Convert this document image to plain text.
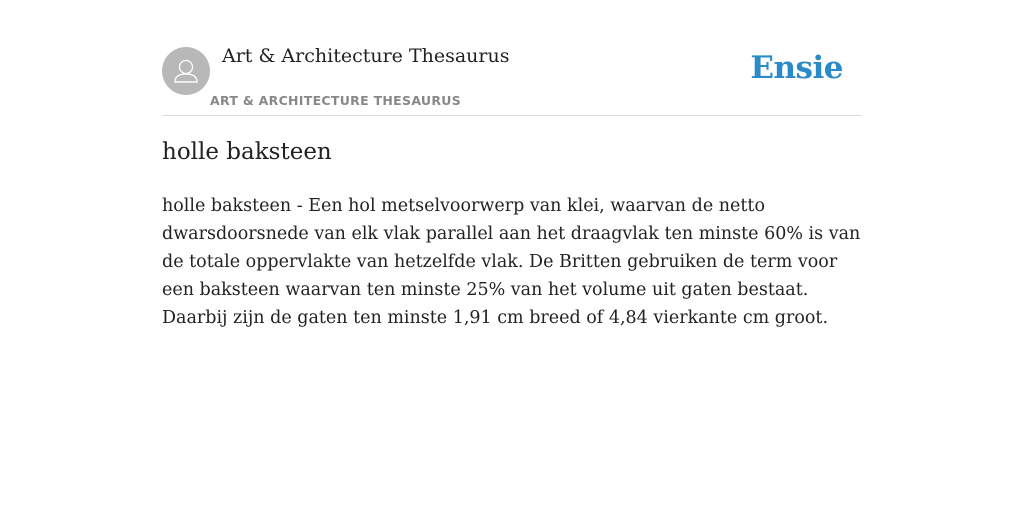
Art & Architecture Thesaurus
ART & ARCHITECTURE THESAURUS
Ensie
holle baksteen

holle baksteen - Een hol metselvoorwerp van klei, waarvan de netto dwarsdoorsnede van elk vlak parallel aan het draagvlak ten minste 60% is van de totale oppervlakte van hetzelfde vlak. De Britten gebruiken de term voor een baksteen waarvan ten minste 25% van het volume uit gaten bestaat. Daarbij zijn de gaten ten minste 1,91 cm breed of 4,84 vierkante cm groot.
